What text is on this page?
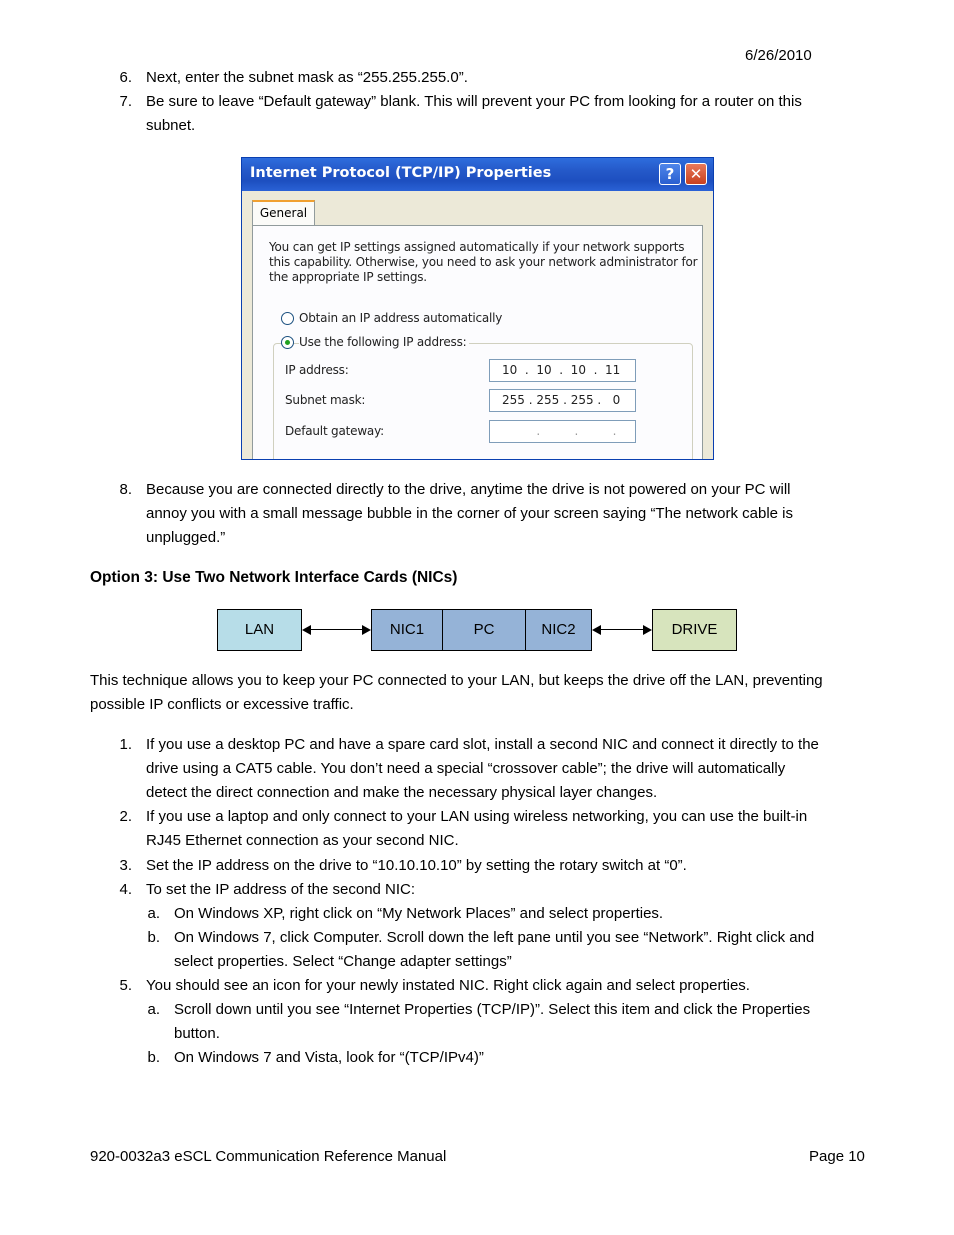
6/26/2010
6. Next, enter the subnet mask as “255.255.255.0”.
7. Be sure to leave “Default gateway” blank. This will prevent your PC from looking for a router on this
subnet.
Internet Protocol (TCP/IP) Properties	?	✕
General
You can get IP settings assigned automatically if your network supports
this capability. Otherwise, you need to ask your network administrator for
the appropriate IP settings.
Obtain an IP address automatically
Use the following IP address:
IP address:	10  .  10  .  10  .  11
Subnet mask:	255 . 255 . 255 .   0
Default gateway:	.         .         .
8. Because you are connected directly to the drive, anytime the drive is not powered on your PC will
annoy you with a small message bubble in the corner of your screen saying “The network cable is
unplugged.”
Option 3: Use Two Network Interface Cards (NICs)
LAN	NIC1	PC	NIC2	DRIVE
This technique allows you to keep your PC connected to your LAN, but keeps the drive off the LAN, preventing
possible IP conflicts or excessive traffic.
1. If you use a desktop PC and have a spare card slot, install a second NIC and connect it directly to the
drive using a CAT5 cable. You don’t need a special “crossover cable”; the drive will automatically
detect the direct connection and make the necessary physical layer changes.
2. If you use a laptop and only connect to your LAN using wireless networking, you can use the built-in
RJ45 Ethernet connection as your second NIC.
3. Set the IP address on the drive to “10.10.10.10” by setting the rotary switch at “0”.
4. To set the IP address of the second NIC:
a. On Windows XP, right click on “My Network Places” and select properties.
b. On Windows 7, click Computer. Scroll down the left pane until you see “Network”. Right click and
select properties. Select “Change adapter settings”
5. You should see an icon for your newly instated NIC. Right click again and select properties.
a. Scroll down until you see “Internet Properties (TCP/IP)”. Select this item and click the Properties
button.
b. On Windows 7 and Vista, look for “(TCP/IPv4)”
920-0032a3 eSCL Communication Reference Manual	Page 10
